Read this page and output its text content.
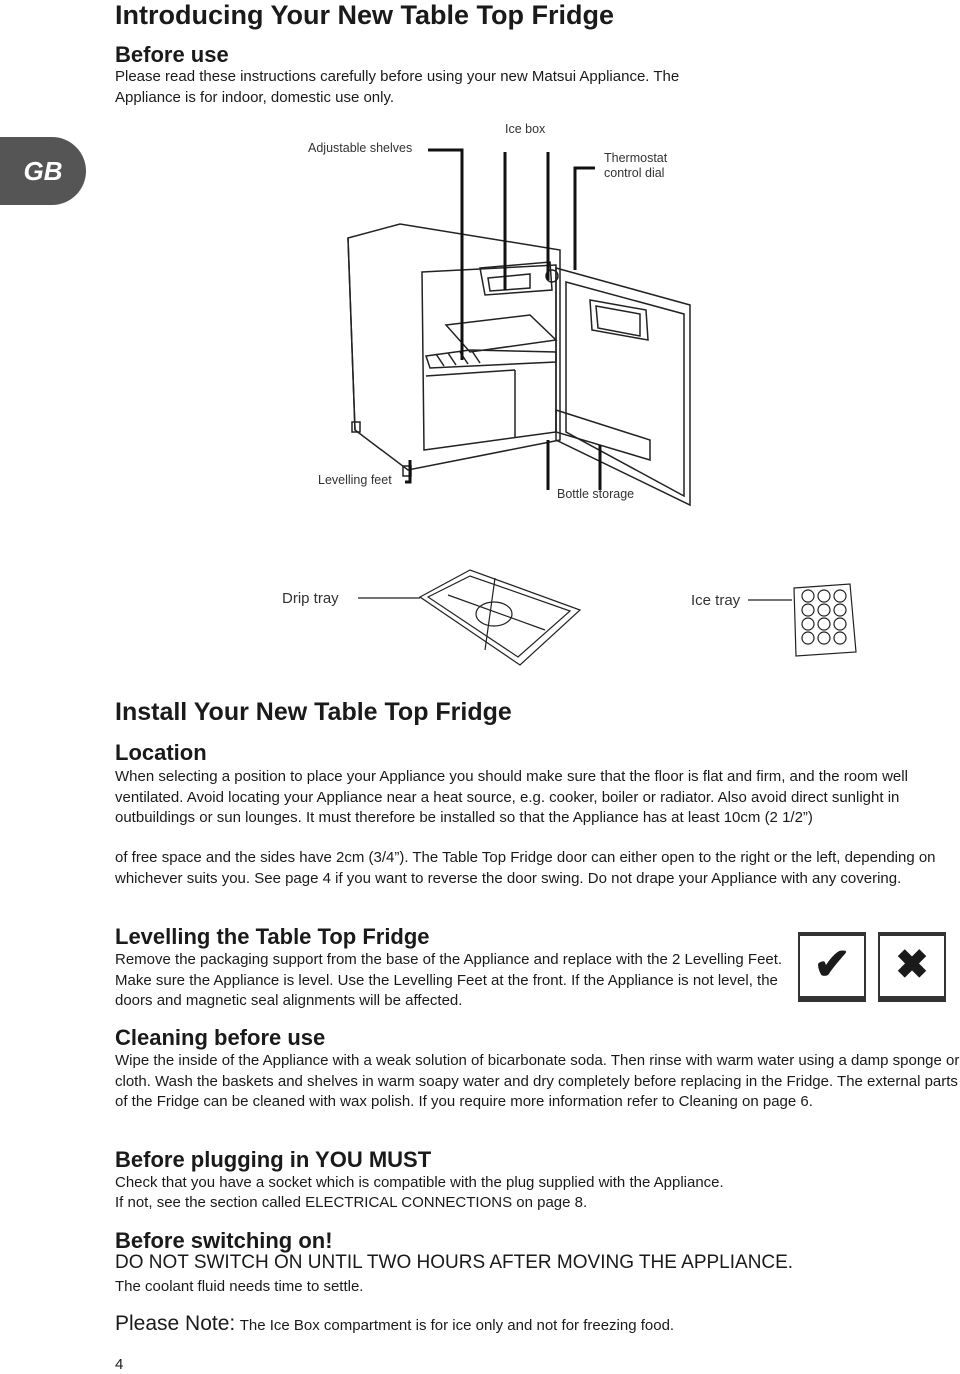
GB
Introducing Your New Table Top Fridge
Before use

Please read these instructions carefully before using your new Matsui Appliance. The Appliance is for indoor, domestic use only.

Adjustable shelves
Ice box
Thermostat
control dial
Levelling feet
Bottle storage
Drip tray	Ice tray
Install Your New Table Top Fridge
Location

When selecting a position to place your Appliance you should make sure that the floor is flat and firm, and the room well ventilated. Avoid locating your Appliance near a heat source, e.g. cooker, boiler or radiator. Also avoid direct sunlight in outbuildings or sun lounges. It must therefore be installed so that the Appliance has at least 10cm (2 1/2”)

of free space and the sides have 2cm (3/4”). The Table Top Fridge door can either open to the right or the left, depending on whichever suits you. See page 4 if you want to reverse the door swing. Do not drape your Appliance with any covering.

Levelling the Table Top Fridge

Remove the packaging support from the base of the Appliance and replace with the 2 Levelling Feet. Make sure the Appliance is level. Use the Levelling Feet at the front. If the Appliance is not level, the doors and magnetic seal alignments will be affected.

✔	✖
Cleaning before use

Wipe the inside of the Appliance with a weak solution of bicarbonate soda. Then rinse with warm water using a damp sponge or cloth. Wash the baskets and shelves in warm soapy water and dry completely before replacing in the Fridge. The external parts of the Fridge can be cleaned with wax polish. If you require more information refer to Cleaning on page 6.

Before plugging in YOU MUST

Check that you have a socket which is compatible with the plug supplied with the Appliance.

If not, see the section called ELECTRICAL CONNECTIONS on page 8.

Before switching on!

DO NOT SWITCH ON UNTIL TWO HOURS AFTER MOVING THE APPLIANCE.

The coolant fluid needs time to settle.

Please Note: The Ice Box compartment is for ice only and not for freezing food.
4
